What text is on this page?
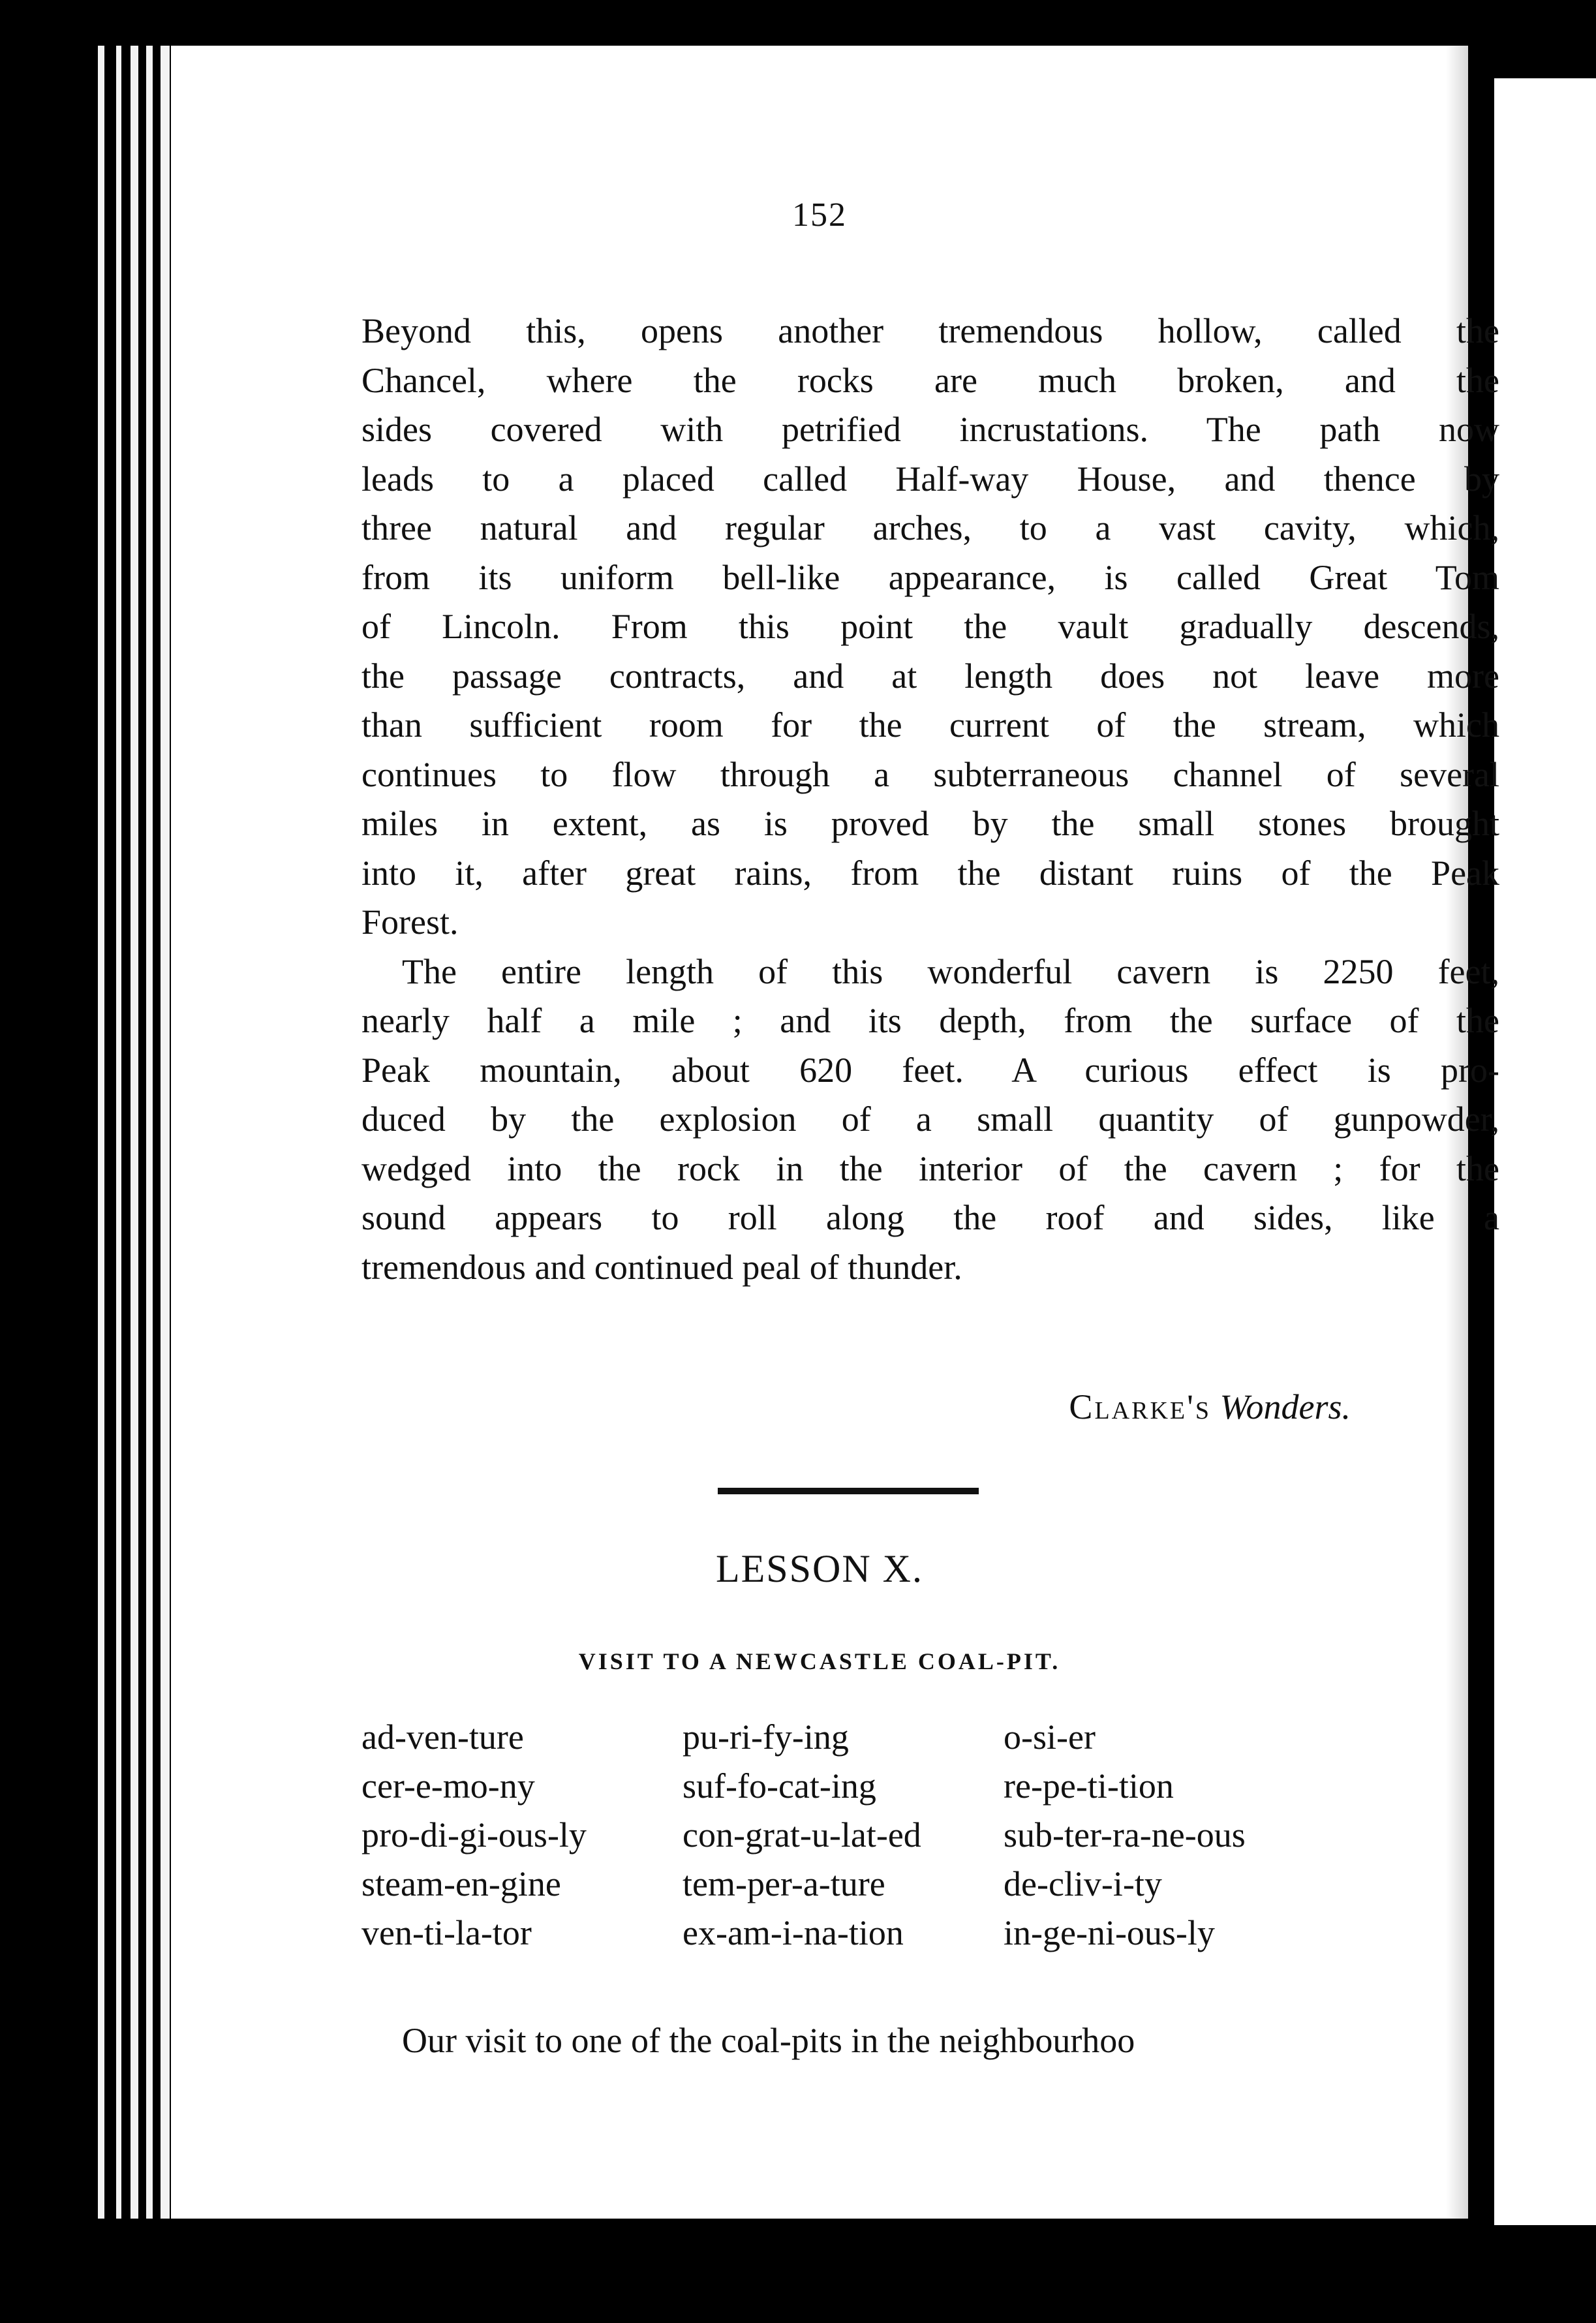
152
Beyond this, opens another tremendous hollow, called the
Chancel, where the rocks are much broken, and the
sides covered with petrified incrustations. The path now
leads to a placed called Half-way House, and thence by
three natural and regular arches, to a vast cavity, which,
from its uniform bell-like appearance, is called Great Tom
of Lincoln. From this point the vault gradually descends,
the passage contracts, and at length does not leave more
than sufficient room for the current of the stream, which
continues to flow through a subterraneous channel of several
miles in extent, as is proved by the small stones brought
into it, after great rains, from the distant ruins of the Peak
Forest.
The entire length of this wonderful cavern is 2250 feet,
nearly half a mile ; and its depth, from the surface of the
Peak mountain, about 620 feet. A curious effect is pro-
duced by the explosion of a small quantity of gunpowder,
wedged into the rock in the interior of the cavern ; for the
sound appears to roll along the roof and sides, like a
tremendous and continued peal of thunder.
Clarke's Wonders.
LESSON X.
VISIT TO A NEWCASTLE COAL-PIT.
ad-ven-ture	pu-ri-fy-ing	o-si-er
cer-e-mo-ny	suf-fo-cat-ing	re-pe-ti-tion
pro-di-gi-ous-ly	con-grat-u-lat-ed	sub-ter-ra-ne-ous
steam-en-gine	tem-per-a-ture	de-cliv-i-ty
ven-ti-la-tor	ex-am-i-na-tion	in-ge-ni-ous-ly
Our visit to one of the coal-pits in the neighbourhoo
